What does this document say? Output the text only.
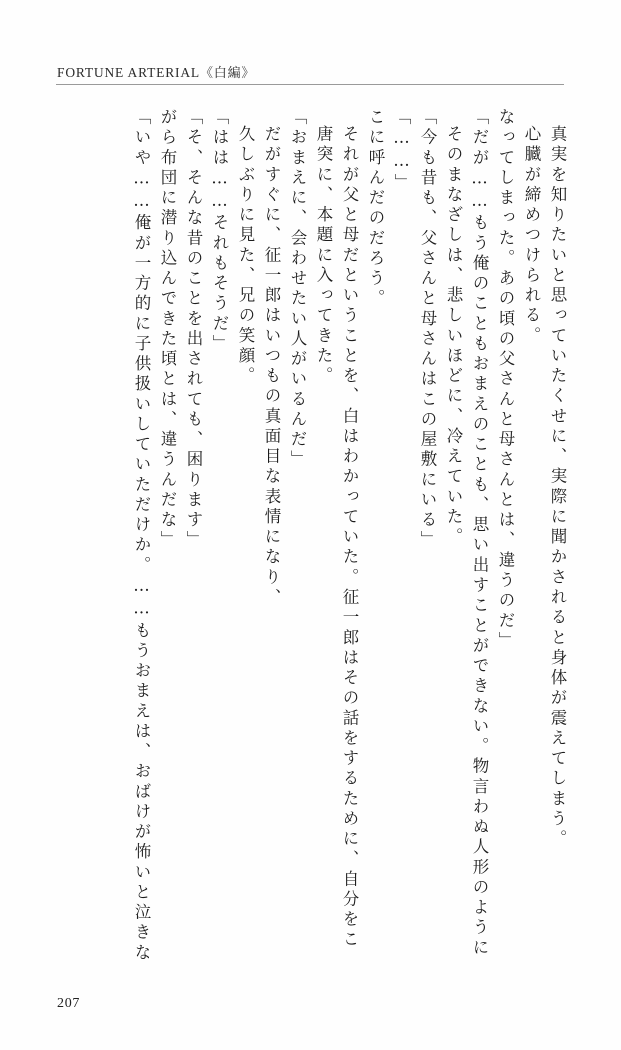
FORTUNE ARTERIAL《白編》
「いや……俺が一方的に子供扱いしていただけか。……もうおまえは、おばけが怖いと泣きな がら布団に潜り込んできた頃とは、違うんだな」 「そ、そんな昔のことを出されても、困ります」 「はは……それもそうだ」 久しぶりに見た、兄の笑顔。 だがすぐに、征一郎はいつもの真面目な表情になり、 「おまえに、会わせたい人がいるんだ」 唐突に、本題に入ってきた。 それが父と母だということを、白はわかっていた。征一郎はその話をするために、自分をこ こに呼んだのだろう。 「……」 「今も昔も、父さんと母さんはこの屋敷にいる」 そのまなざしは、悲しいほどに、冷えていた。 「だが……もう俺のこともおまえのことも、思い出すことができない。物言わぬ人形のように なってしまった。あの頃の父さんと母さんとは、違うのだ」 心臓が締めつけられる。 真実を知りたいと思っていたくせに、実際に聞かされると身体が震えてしまう。
207
